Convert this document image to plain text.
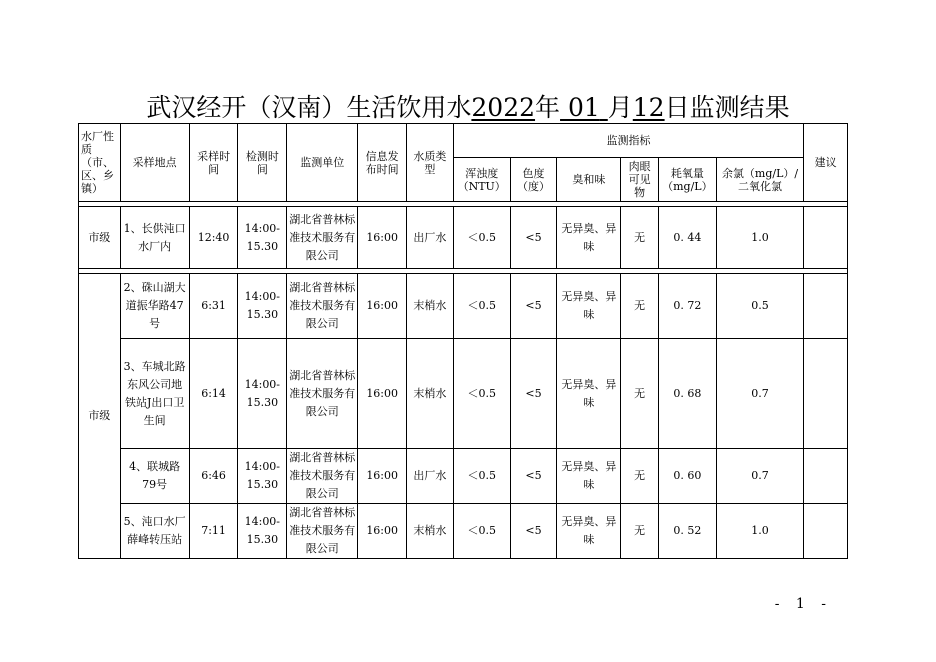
武汉经开（汉南）生活饮用水2022年 01 月12日监测结果
水厂性质（市、区、乡镇）	采样地点	采样时间	检测时间	监测单位	信息发布时间	水质类型	监测指标						建议
							浑浊度（NTU）	色度（度）	臭和味	肉眼可见物	耗氧量（mg/L）	余氯（mg/L）/二氧化氯	

市级	1、长供沌口水厂内	12:40	14:00-15.30	湖北省普林标准技术服务有限公司	16:00	出厂水	＜0.5	<5	无异臭、异味	无	0. 44	1.0	

市级	2、硃山湖大道振华路47号	6:31	14:00-15.30	湖北省普林标准技术服务有限公司	16:00	末梢水	＜0.5	<5	无异臭、异味	无	0. 72	0.5	
	3、车城北路东风公司地铁站J出口卫生间	6:14	14:00-15.30	湖北省普林标准技术服务有限公司	16:00	末梢水	＜0.5	<5	无异臭、异味	无	0. 68	0.7	
	4、联城路79号	6:46	14:00-15.30	湖北省普林标准技术服务有限公司	16:00	出厂水	＜0.5	<5	无异臭、异味	无	0. 60	0.7	
	5、沌口水厂薛峰转压站	7:11	14:00-15.30	湖北省普林标准技术服务有限公司	16:00	末梢水	＜0.5	<5	无异臭、异味	无	0. 52	1.0	
- 1 -
